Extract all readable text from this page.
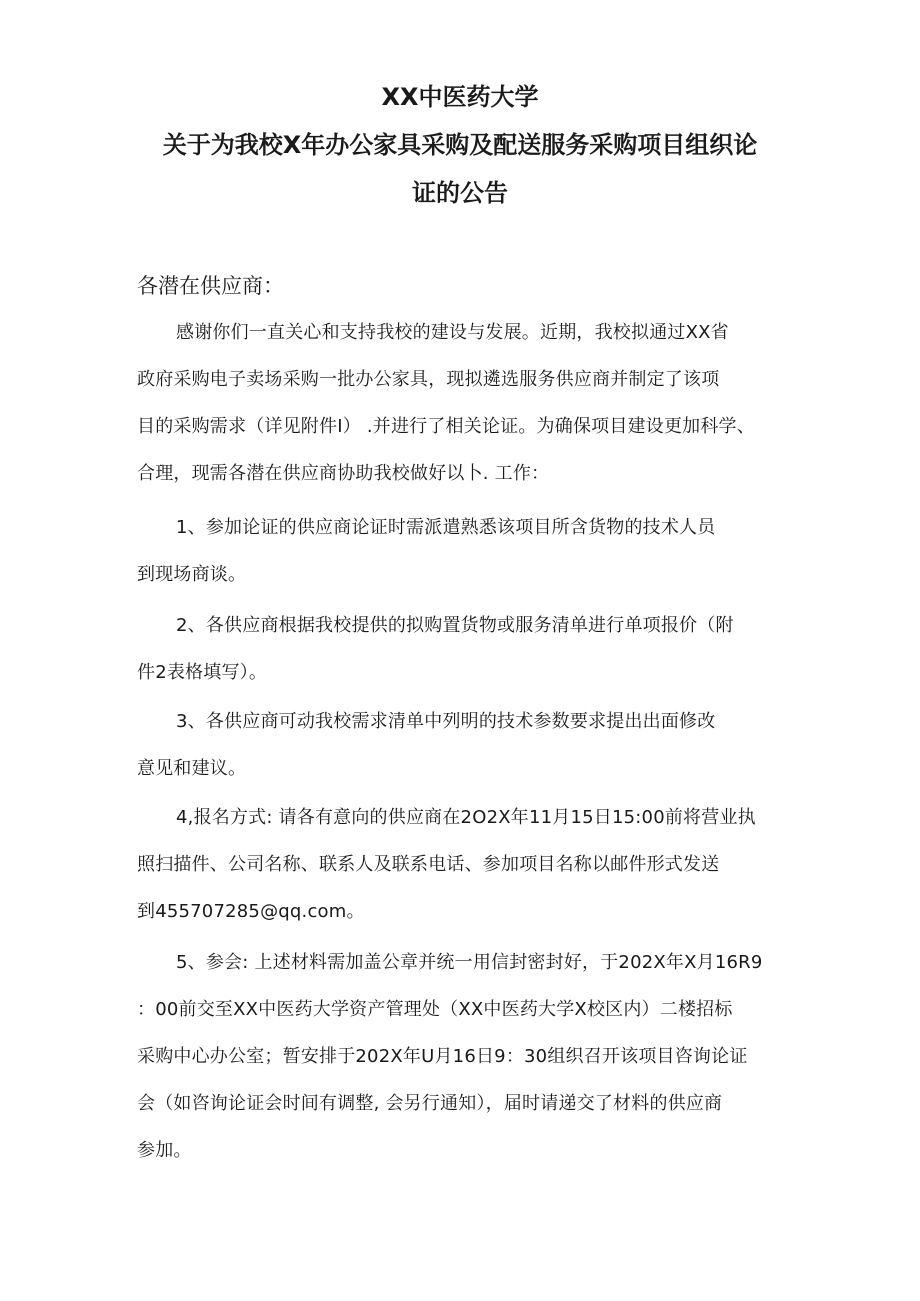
XX中医药大学
关于为我校X年办公家具采购及配送服务采购项目组织论
证的公告
各潜在供应商：
感谢你们一直关心和支持我校的建设与发展。近期，我校拟通过XX省
政府采购电子卖场采购一批办公家具，现拟遴选服务供应商并制定了该项
目的采购需求（详见附件I） .并进行了相关论证。为确保项目建设更加科学、
合理，现需各潜在供应商协助我校做好以卜. 工作：
1、参加论证的供应商论证时需派遣熟悉该项目所含货物的技术人员
到现场商谈。
2、各供应商根据我校提供的拟购置货物或服务清单进行单项报价（附
件2表格填写）。
3、各供应商可动我校需求清单中列明的技术参数要求提出出面修改
意见和建议。
4,报名方式: 请各有意向的供应商在2O2X年11月15日15:00前将营业执
照扫描件、公司名称、联系人及联系电话、参加项目名称以邮件形式发送
到455707285@qq.com。
5、参会: 上述材料需加盖公章并统一用信封密封好，于202X年X月16R9
：00前交至XX中医药大学资产管理处（XX中医药大学X校区内）二楼招标
采购中心办公室；暂安排于202X年U月16日9：30组织召开该项目咨询论证
会（如咨询论证会时间有调整, 会另行通知），届时请递交了材料的供应商
参加。
